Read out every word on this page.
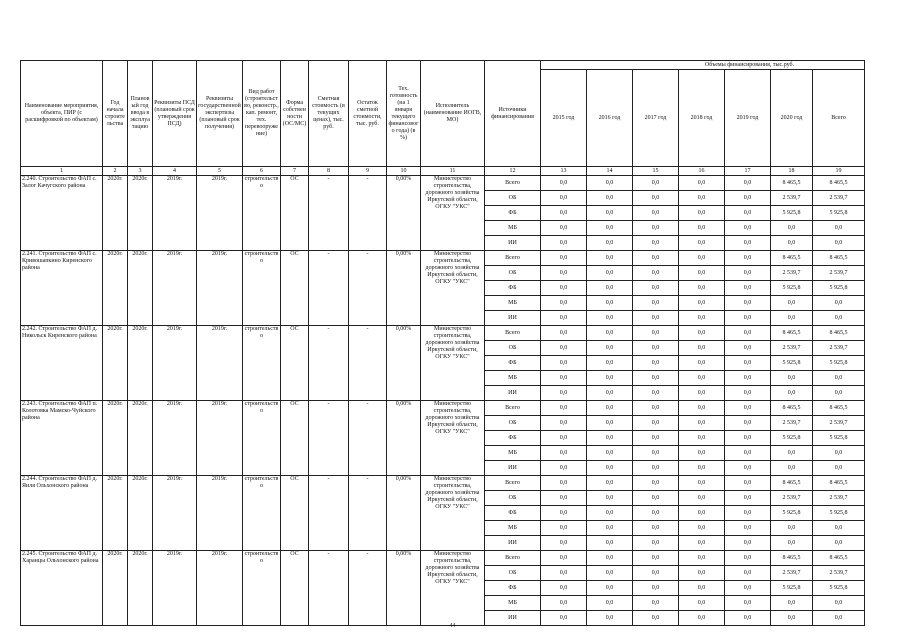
Наименование мероприятия, объекта, ПИР (с расшифровкой по объектам)	Год начала строительства	Плановый год ввода в эксплуатацию	Реквизиты ПСД (плановый срок утверждения ПСД)	Реквизиты государственной экспертизы (плановый срок получения)	Вид работ (строительство, реконстр., кап. ремонт, тех. перевооружение)	Форма собственности (ОС/МС)	Сметная стоимость (в текущих ценах), тыс. руб.	Остаток сметной стоимости, тыс. руб.	Тех. готовность (на 1 января текущего финансового года) (в %)	Исполнитель (наименование ИОГВ, МО)	Источники финансирования	Объемы финансирования, тыс.руб.						
												2015 год	2016 год	2017 год	2018 год	2019 год	2020 год	Всего
1	2	3	4	5	6	7	8	9	10	11	12	13	14	15	16	17	18	19
2.240. Строительство ФАП с. Залог Качугского района	2020г.	2020г.	2019г.	2019г.	строительство	ОС	-	-	0,00%	Министерство строительства, дорожного хозяйства Иркутской области, ОГКУ "УКС"	Всего	0,0	0,0	0,0	0,0	0,0	8 465,5	8 465,5
											ОБ	0,0	0,0	0,0	0,0	0,0	2 539,7	2 539,7
											ФБ	0,0	0,0	0,0	0,0	0,0	5 925,8	5 925,8
											МБ	0,0	0,0	0,0	0,0	0,0	0,0	0,0
											ИИ	0,0	0,0	0,0	0,0	0,0	0,0	0,0
2.241. Строительство ФАП с. Кривошапкино Киренского района	2020г.	2020г.	2019г.	2019г.	строительство	ОС	-	-	0,00%	Министерство строительства, дорожного хозяйства Иркутской области, ОГКУ "УКС"	Всего	0,0	0,0	0,0	0,0	0,0	8 465,5	8 465,5
											ОБ	0,0	0,0	0,0	0,0	0,0	2 539,7	2 539,7
											ФБ	0,0	0,0	0,0	0,0	0,0	5 925,8	5 925,8
											МБ	0,0	0,0	0,0	0,0	0,0	0,0	0,0
											ИИ	0,0	0,0	0,0	0,0	0,0	0,0	0,0
2.242. Строительство ФАП д. Никольск Киренского района	2020г.	2020г.	2019г.	2019г.	строительство	ОС	-	-	0,00%	Министерство строительства, дорожного хозяйства Иркутской области, ОГКУ "УКС"	Всего	0,0	0,0	0,0	0,0	0,0	8 465,5	8 465,5
											ОБ	0,0	0,0	0,0	0,0	0,0	2 539,7	2 539,7
											ФБ	0,0	0,0	0,0	0,0	0,0	5 925,8	5 925,8
											МБ	0,0	0,0	0,0	0,0	0,0	0,0	0,0
											ИИ	0,0	0,0	0,0	0,0	0,0	0,0	0,0
2.243. Строительство ФАП п. Колотовка Мамско-Чуйского района	2020г.	2020г.	2019г.	2019г.	строительство	ОС	-	-	0,00%	Министерство строительства, дорожного хозяйства Иркутской области, ОГКУ "УКС"	Всего	0,0	0,0	0,0	0,0	0,0	8 465,5	8 465,5
											ОБ	0,0	0,0	0,0	0,0	0,0	2 539,7	2 539,7
											ФБ	0,0	0,0	0,0	0,0	0,0	5 925,8	5 925,8
											МБ	0,0	0,0	0,0	0,0	0,0	0,0	0,0
											ИИ	0,0	0,0	0,0	0,0	0,0	0,0	0,0
2.244. Строительство ФАП д. Яиля Ольхонского района	2020г.	2020г.	2019г.	2019г.	строительство	ОС	-	-	0,00%	Министерство строительства, дорожного хозяйства Иркутской области, ОГКУ "УКС"	Всего	0,0	0,0	0,0	0,0	0,0	8 465,5	8 465,5
											ОБ	0,0	0,0	0,0	0,0	0,0	2 539,7	2 539,7
											ФБ	0,0	0,0	0,0	0,0	0,0	5 925,8	5 925,8
											МБ	0,0	0,0	0,0	0,0	0,0	0,0	0,0
											ИИ	0,0	0,0	0,0	0,0	0,0	0,0	0,0
2.245. Строительство ФАП д. Харанцы Ольхонского района	2020г.	2020г.	2019г.	2019г.	строительство	ОС	-	-	0,00%	Министерство строительства, дорожного хозяйства Иркутской области, ОГКУ "УКС"	Всего	0,0	0,0	0,0	0,0	0,0	8 465,5	8 465,5
											ОБ	0,0	0,0	0,0	0,0	0,0	2 539,7	2 539,7
											ФБ	0,0	0,0	0,0	0,0	0,0	5 925,8	5 925,8
											МБ	0,0	0,0	0,0	0,0	0,0	0,0	0,0
											ИИ	0,0	0,0	0,0	0,0	0,0	0,0	0,0
44
